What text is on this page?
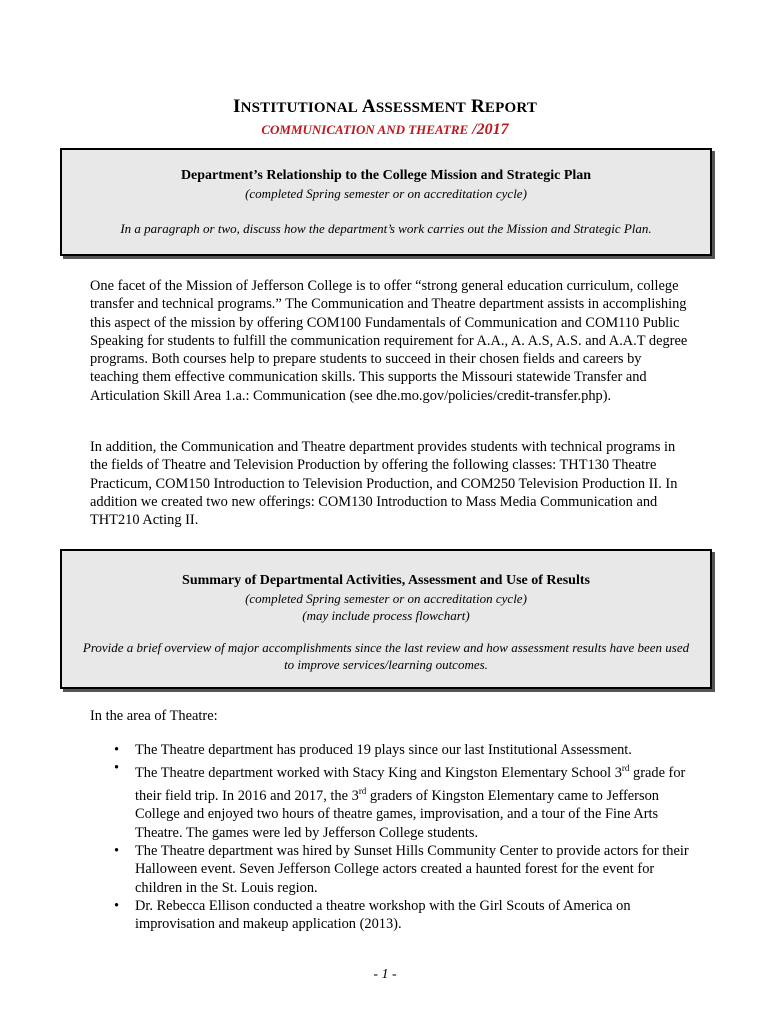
INSTITUTIONAL ASSESSMENT REPORT
COMMUNICATION AND THEATRE /2017
Department’s Relationship to the College Mission and Strategic Plan
(completed Spring semester or on accreditation cycle)
In a paragraph or two, discuss how the department’s work carries out the Mission and Strategic Plan.
One facet of the Mission of Jefferson College is to offer “strong general education curriculum, college transfer and technical programs.” The Communication and Theatre department assists in accomplishing this aspect of the mission by offering COM100 Fundamentals of Communication and COM110 Public Speaking for students to fulfill the communication requirement for A.A., A. A.S, A.S. and A.A.T degree programs. Both courses help to prepare students to succeed in their chosen fields and careers by teaching them effective communication skills. This supports the Missouri statewide Transfer and Articulation Skill Area 1.a.: Communication (see dhe.mo.gov/policies/credit-transfer.php).
In addition, the Communication and Theatre department provides students with technical programs in the fields of Theatre and Television Production by offering the following classes: THT130 Theatre Practicum, COM150 Introduction to Television Production, and COM250 Television Production II. In addition we created two new offerings: COM130 Introduction to Mass Media Communication and THT210 Acting II.
Summary of Departmental Activities, Assessment and Use of Results
(completed Spring semester or on accreditation cycle)
(may include process flowchart)
Provide a brief overview of major accomplishments since the last review and how assessment results have been used to improve services/learning outcomes.
In the area of Theatre:
• The Theatre department has produced 19 plays since our last Institutional Assessment.
• The Theatre department worked with Stacy King and Kingston Elementary School 3rd grade for their field trip. In 2016 and 2017, the 3rd graders of Kingston Elementary came to Jefferson College and enjoyed two hours of theatre games, improvisation, and a tour of the Fine Arts Theatre. The games were led by Jefferson College students.
• The Theatre department was hired by Sunset Hills Community Center to provide actors for their Halloween event. Seven Jefferson College actors created a haunted forest for the event for children in the St. Louis region.
• Dr. Rebecca Ellison conducted a theatre workshop with the Girl Scouts of America on improvisation and makeup application (2013).
- 1 -
